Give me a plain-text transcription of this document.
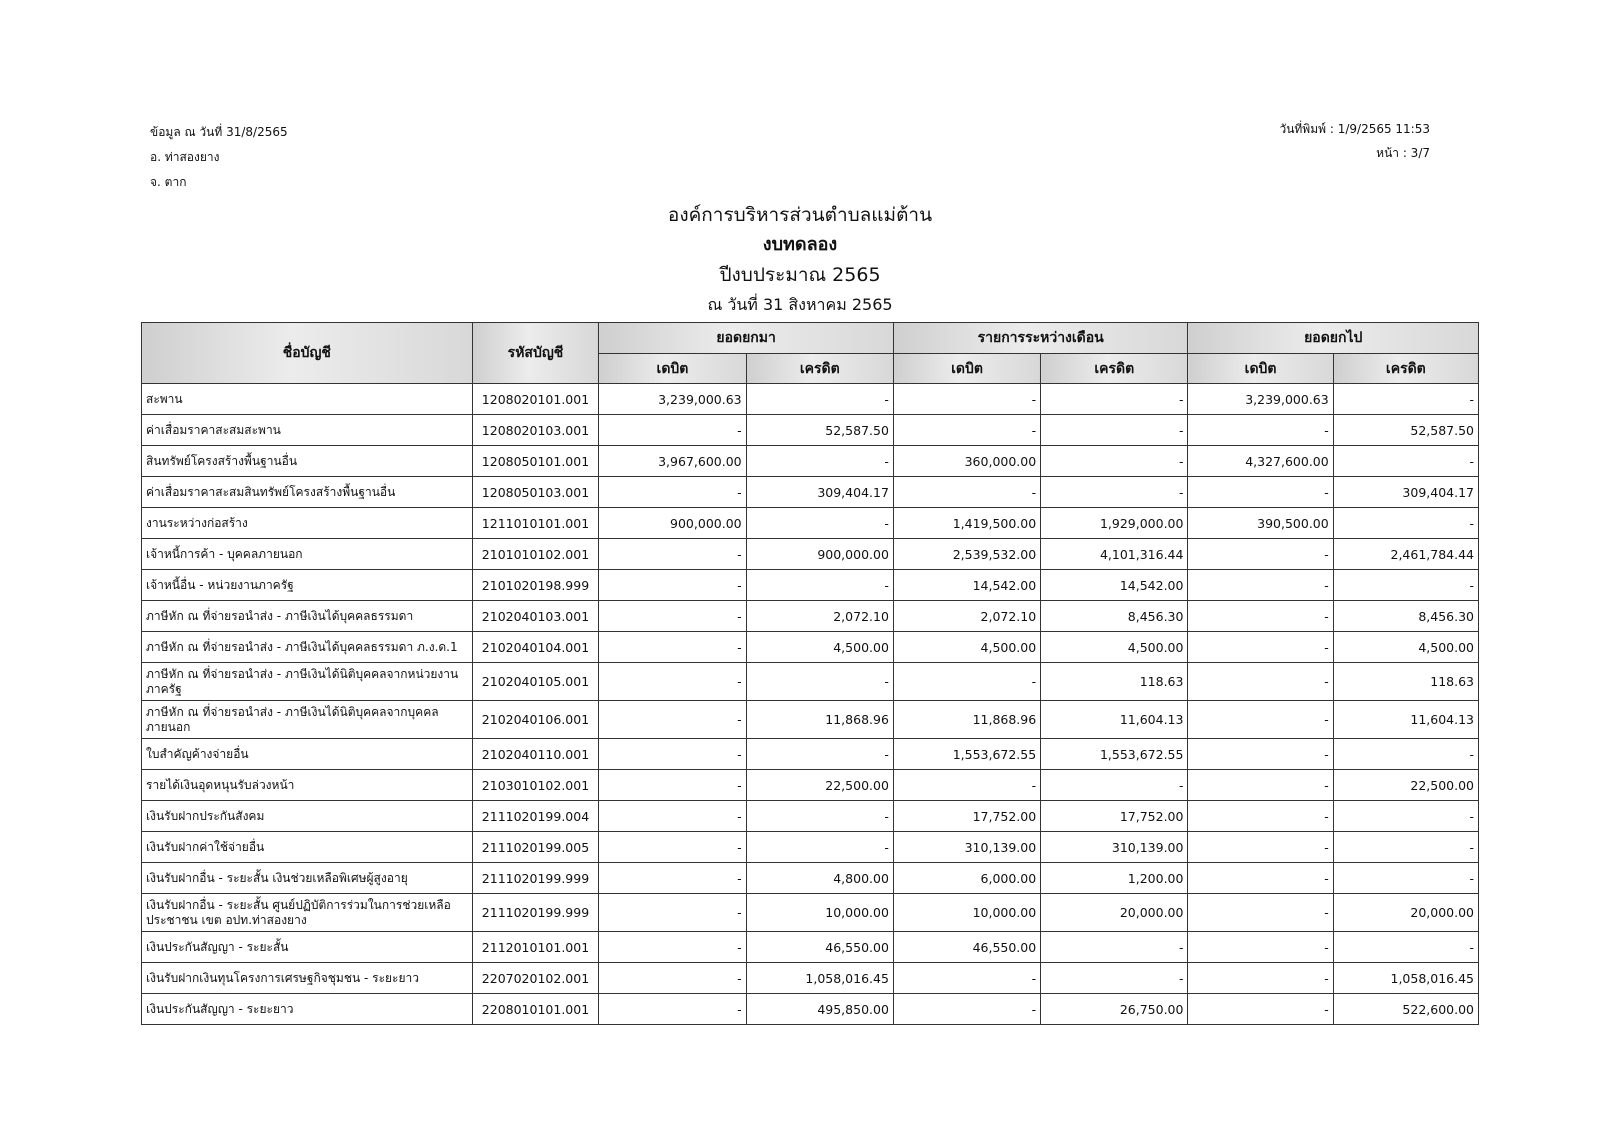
ข้อมูล ณ วันที่ 31/8/2565
อ. ท่าสองยาง
จ. ตาก
วันที่พิมพ์ : 1/9/2565 11:53
หน้า : 3/7
องค์การบริหารส่วนตำบลแม่ต้าน
งบทดลอง
ปีงบประมาณ 2565
ณ วันที่ 31 สิงหาคม 2565
ชื่อบัญชี	รหัสบัญชี	ยอดยกมา		รายการระหว่างเดือน		ยอดยกไป	
		เดบิต	เครดิต	เดบิต	เครดิต	เดบิต	เครดิต
สะพาน	1208020101.001	3,239,000.63	-	-	-	3,239,000.63	-
ค่าเสื่อมราคาสะสมสะพาน	1208020103.001	-	52,587.50	-	-	-	52,587.50
สินทรัพย์โครงสร้างพื้นฐานอื่น	1208050101.001	3,967,600.00	-	360,000.00	-	4,327,600.00	-
ค่าเสื่อมราคาสะสมสินทรัพย์โครงสร้างพื้นฐานอื่น	1208050103.001	-	309,404.17	-	-	-	309,404.17
งานระหว่างก่อสร้าง	1211010101.001	900,000.00	-	1,419,500.00	1,929,000.00	390,500.00	-
เจ้าหนี้การค้า - บุคคลภายนอก	2101010102.001	-	900,000.00	2,539,532.00	4,101,316.44	-	2,461,784.44
เจ้าหนี้อื่น - หน่วยงานภาครัฐ	2101020198.999	-	-	14,542.00	14,542.00	-	-
ภาษีหัก ณ ที่จ่ายรอนำส่ง - ภาษีเงินได้บุคคลธรรมดา	2102040103.001	-	2,072.10	2,072.10	8,456.30	-	8,456.30
ภาษีหัก ณ ที่จ่ายรอนำส่ง - ภาษีเงินได้บุคคลธรรมดา ภ.ง.ด.1	2102040104.001	-	4,500.00	4,500.00	4,500.00	-	4,500.00
ภาษีหัก ณ ที่จ่ายรอนำส่ง - ภาษีเงินได้นิติบุคคลจากหน่วยงานภาครัฐ	2102040105.001	-	-	-	118.63	-	118.63
ภาษีหัก ณ ที่จ่ายรอนำส่ง - ภาษีเงินได้นิติบุคคลจากบุคคลภายนอก	2102040106.001	-	11,868.96	11,868.96	11,604.13	-	11,604.13
ใบสำคัญค้างจ่ายอื่น	2102040110.001	-	-	1,553,672.55	1,553,672.55	-	-
รายได้เงินอุดหนุนรับล่วงหน้า	2103010102.001	-	22,500.00	-	-	-	22,500.00
เงินรับฝากประกันสังคม	2111020199.004	-	-	17,752.00	17,752.00	-	-
เงินรับฝากค่าใช้จ่ายอื่น	2111020199.005	-	-	310,139.00	310,139.00	-	-
เงินรับฝากอื่น - ระยะสั้น เงินช่วยเหลือพิเศษผู้สูงอายุ	2111020199.999	-	4,800.00	6,000.00	1,200.00	-	-
เงินรับฝากอื่น - ระยะสั้น ศูนย์ปฏิบัติการร่วมในการช่วยเหลือประชาชน เขต อปท.ท่าสองยาง	2111020199.999	-	10,000.00	10,000.00	20,000.00	-	20,000.00
เงินประกันสัญญา - ระยะสั้น	2112010101.001	-	46,550.00	46,550.00	-	-	-
เงินรับฝากเงินทุนโครงการเศรษฐกิจชุมชน - ระยะยาว	2207020102.001	-	1,058,016.45	-	-	-	1,058,016.45
เงินประกันสัญญา - ระยะยาว	2208010101.001	-	495,850.00	-	26,750.00	-	522,600.00
